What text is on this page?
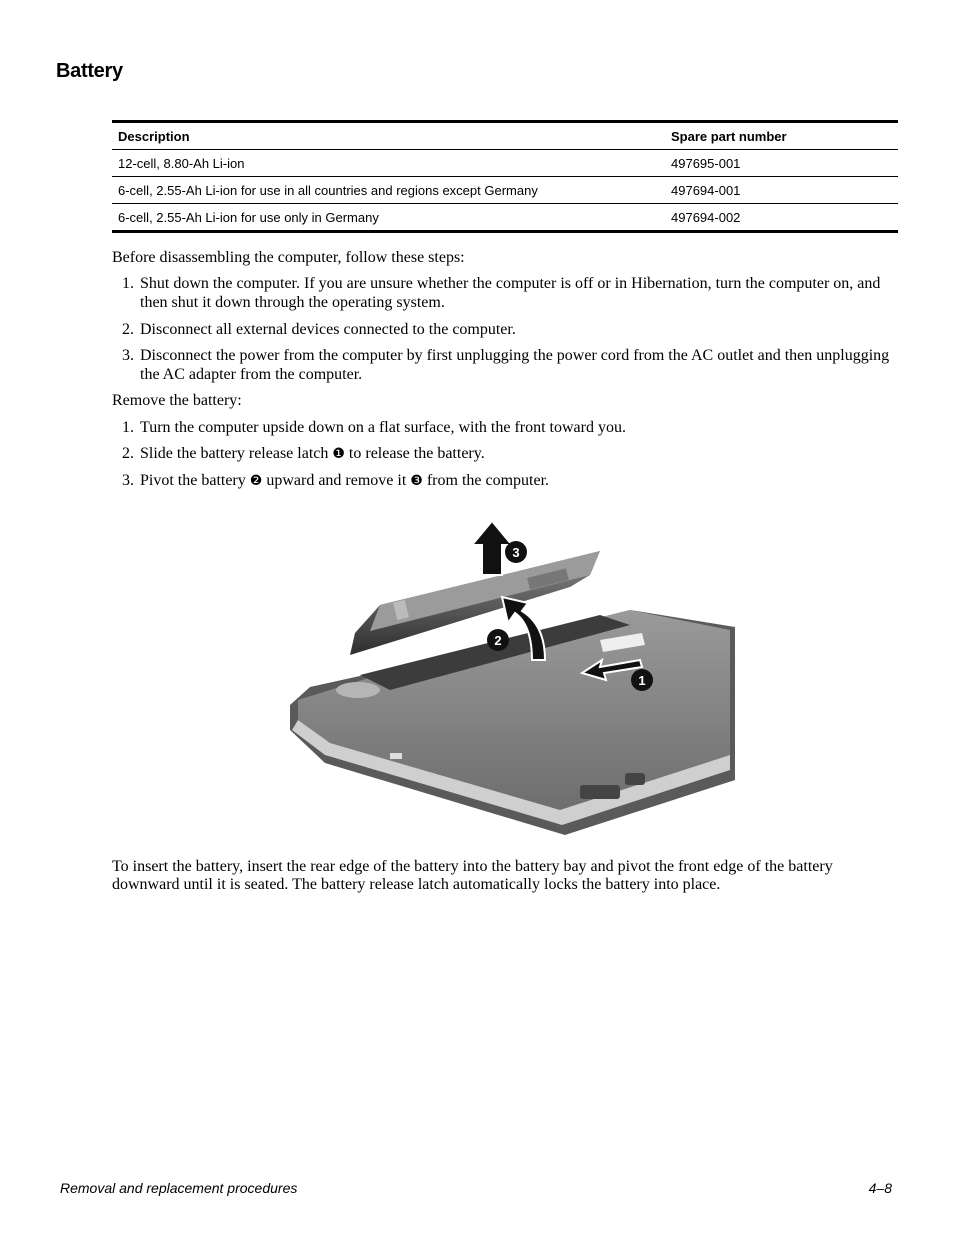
Battery
Description	Spare part number
12-cell, 8.80-Ah Li-ion	497695-001
6-cell, 2.55-Ah Li-ion for use in all countries and regions except Germany	497694-001
6-cell, 2.55-Ah Li-ion for use only in Germany	497694-002

Before disassembling the computer, follow these steps:

1. Shut down the computer. If you are unsure whether the computer is off or in Hibernation, turn the computer on, and then shut it down through the operating system.
2. Disconnect all external devices connected to the computer.
3. Disconnect the power from the computer by first unplugging the power cord from the AC outlet and then unplugging the AC adapter from the computer.

Remove the battery:

1. Turn the computer upside down on a flat surface, with the front toward you.
2. Slide the battery release latch ❶ to release the battery.
3. Pivot the battery ❷ upward and remove it ❸ from the computer.

To insert the battery, insert the rear edge of the battery into the battery bay and pivot the front edge of the battery downward until it is seated. The battery release latch automatically locks the battery into place.

1
2
3
Removal and replacement procedures	4–8
